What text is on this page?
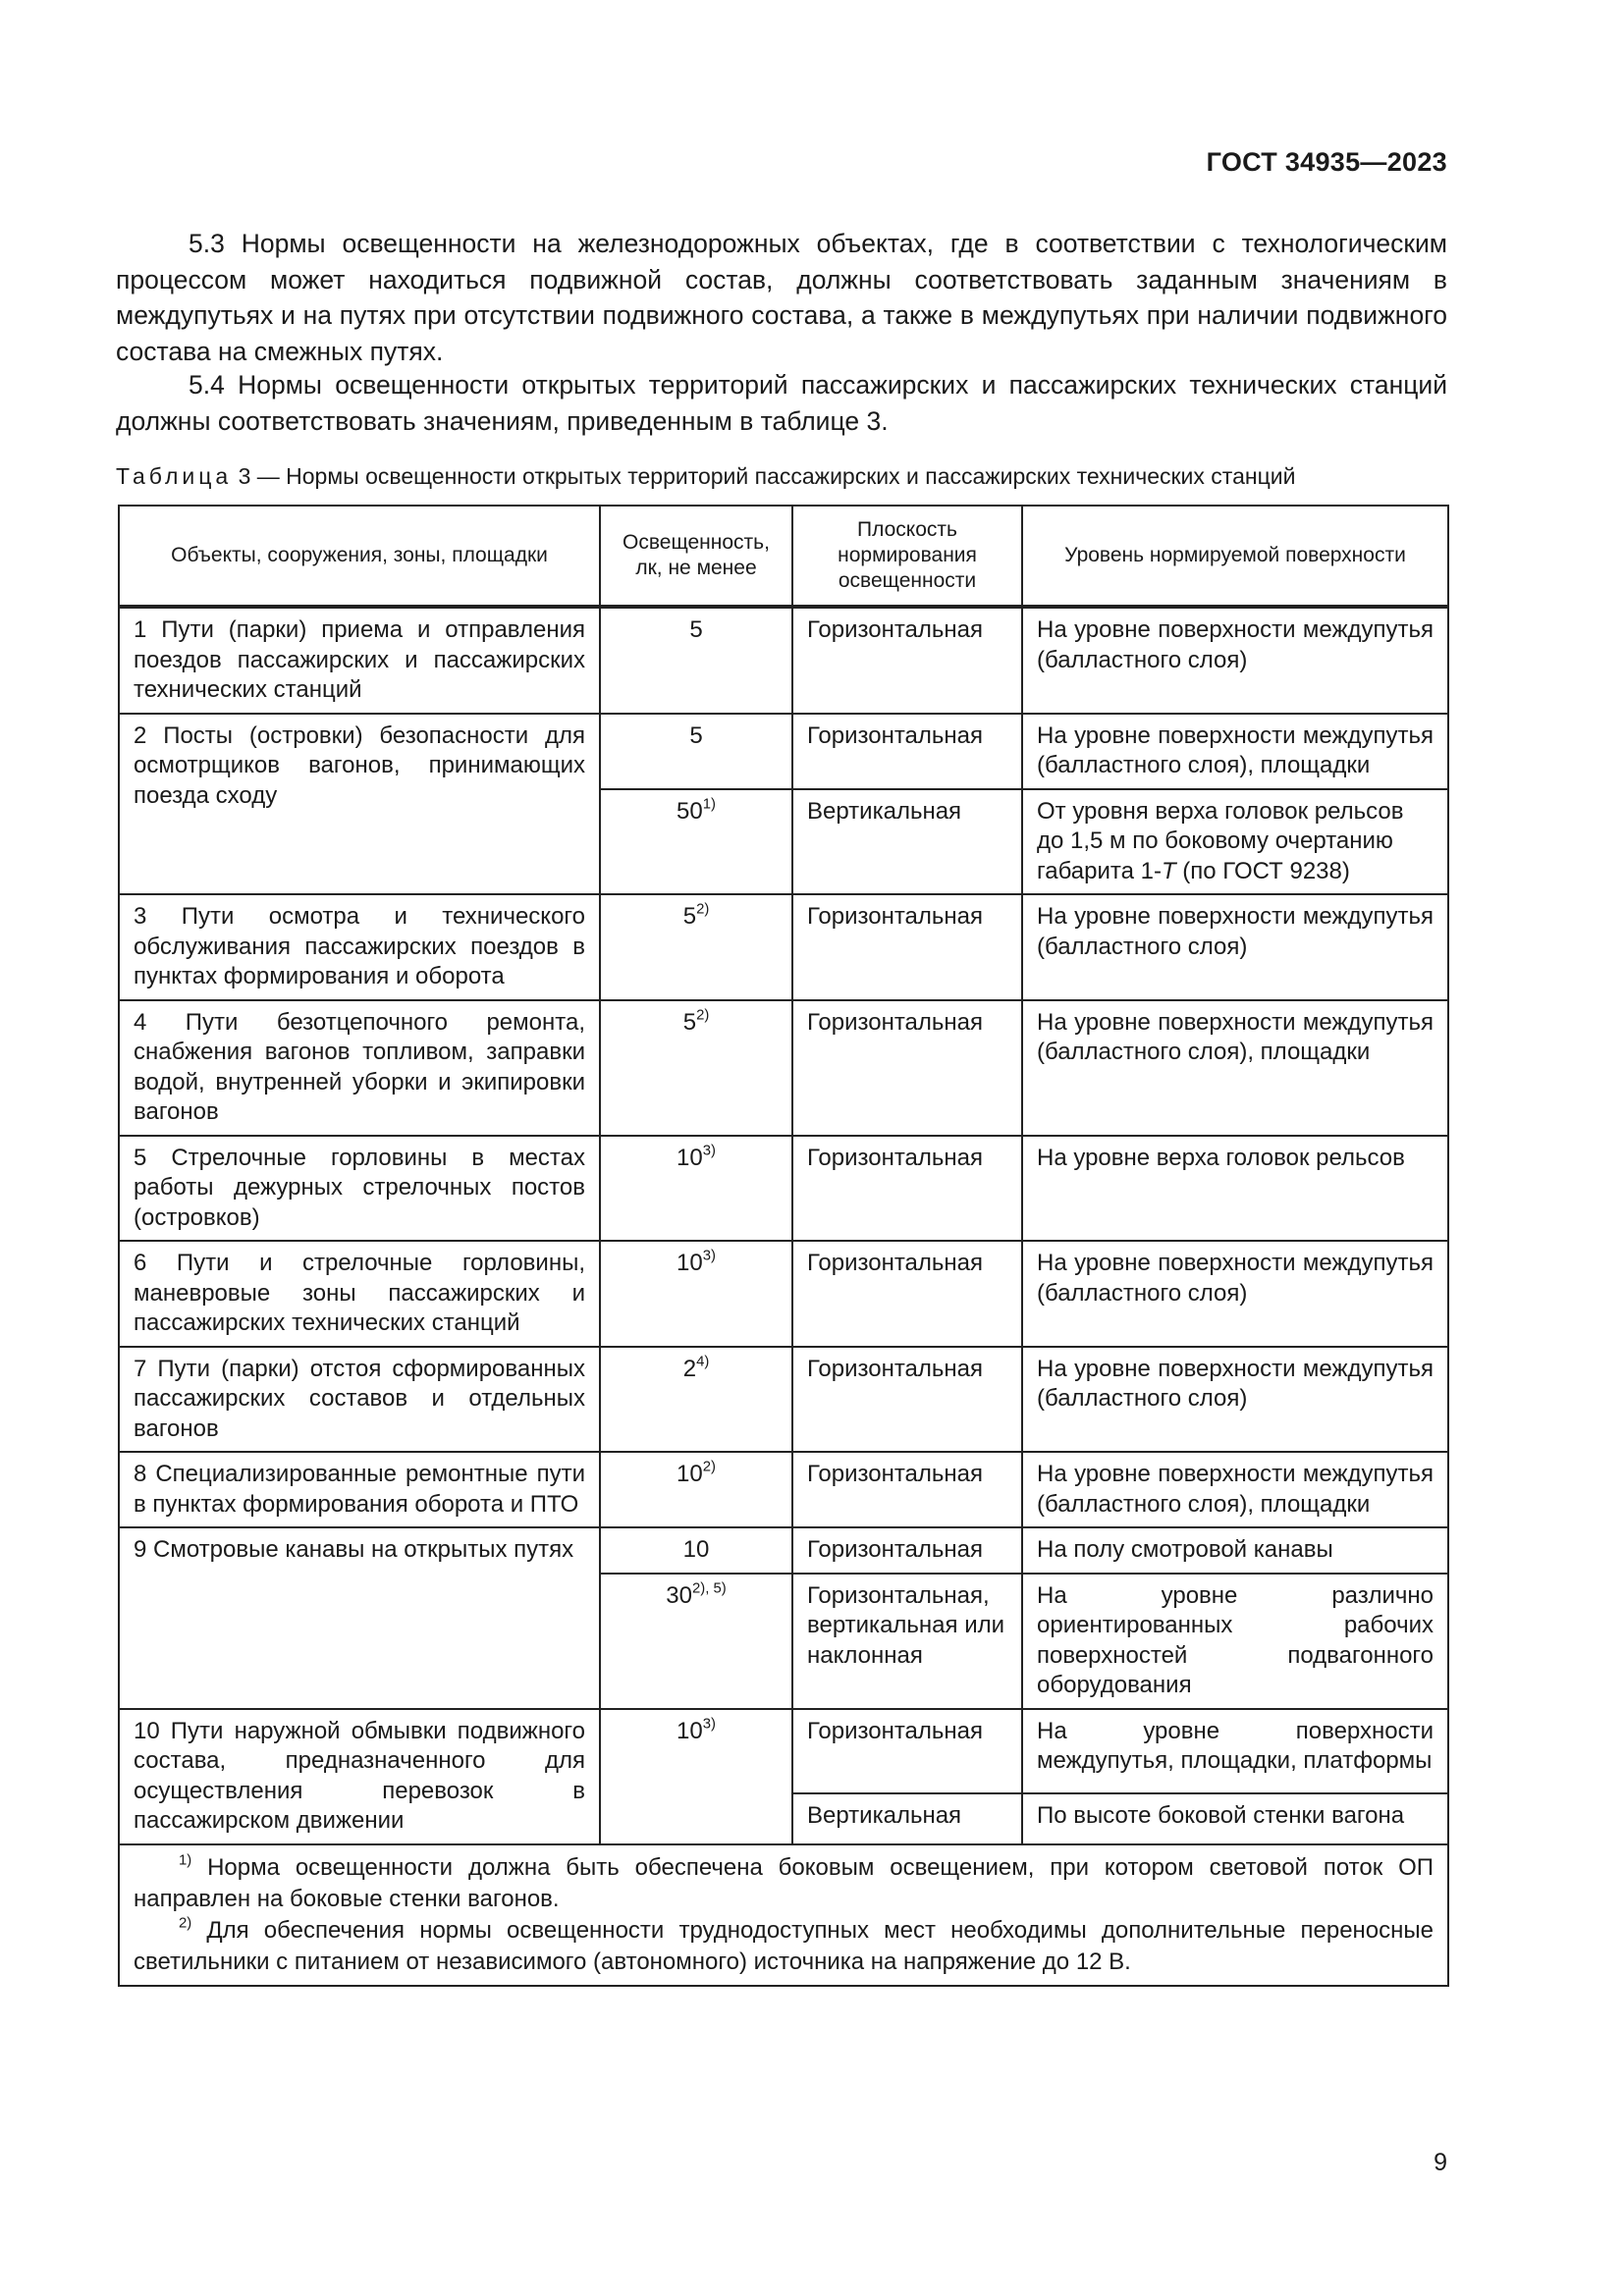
ГОСТ 34935—2023

5.3 Нормы освещенности на железнодорожных объектах, где в соответствии с технологическим процессом может находиться подвижной состав, должны соответствовать заданным значениям в междупутьях и на путях при отсутствии подвижного состава, а также в междупутьях при наличии подвижного состава на смежных путях.

5.4 Нормы освещенности открытых территорий пассажирских и пассажирских технических станций должны соответствовать значениям, приведенным в таблице 3.

Таблица 3 — Нормы освещенности открытых территорий пассажирских и пассажирских технических станций
Объекты, сооружения, зоны, площадки	Освещенность, лк, не менее	Плоскость нормирования освещенности	Уровень нормируемой поверхности
1 Пути (парки) приема и отправления поездов пассажирских и пассажирских технических станций	5	Горизонтальная	На уровне поверхности междупутья (балластного слоя)
2 Посты (островки) безопасности для осмотрщиков вагонов, принимающих поезда сходу	5	Горизонтальная	На уровне поверхности междупутья (балластного слоя), площадки
	50$^{1)}$	Вертикальная	От уровня верха головок рельсов до 1,5 м по боковому очертанию габарита 1-Т (по ГОСТ 9238)
3 Пути осмотра и технического обслуживания пассажирских поездов в пунктах формирования и оборота	5$^{2)}$	Горизонтальная	На уровне поверхности междупутья (балластного слоя)
4 Пути безотцепочного ремонта, снабжения вагонов топливом, заправки водой, внутренней уборки и экипировки вагонов	5$^{2)}$	Горизонтальная	На уровне поверхности междупутья (балластного слоя), площадки
5 Стрелочные горловины в местах работы дежурных стрелочных постов (островков)	10$^{3)}$	Горизонтальная	На уровне верха головок рельсов
6 Пути и стрелочные горловины, маневровые зоны пассажирских и пассажирских технических станций	10$^{3)}$	Горизонтальная	На уровне поверхности междупутья (балластного слоя)
7 Пути (парки) отстоя сформированных пассажирских составов и отдельных вагонов	2$^{4)}$	Горизонтальная	На уровне поверхности междупутья (балластного слоя)
8 Специализированные ремонтные пути в пунктах формирования оборота и ПТО	10$^{2)}$	Горизонтальная	На уровне поверхности междупутья (балластного слоя), площадки
9 Смотровые канавы на открытых путях	10	Горизонтальная	На полу смотровой канавы
	$30^{2), 5)}$	Горизонтальная, вертикальная или наклонная	На уровне различно ориентированных рабочих поверхностей подвагонного оборудования
10 Пути наружной обмывки подвижного состава, предназначенного для осуществления перевозок в пассажирском движении	10$^{3)}$	Горизонтальная	На уровне поверхности междупутья, площадки, платформы
		Вертикальная	По высоте боковой стенки вагона

$^{1)}$ Норма освещенности должна быть обеспечена боковым освещением, при котором световой поток ОП направлен на боковые стенки вагонов.

$^{2)}$ Для обеспечения нормы освещенности труднодоступных мест необходимы дополнительные переносные светильники с питанием от независимого (автономного) источника на напряжение до 12 В.			

9
